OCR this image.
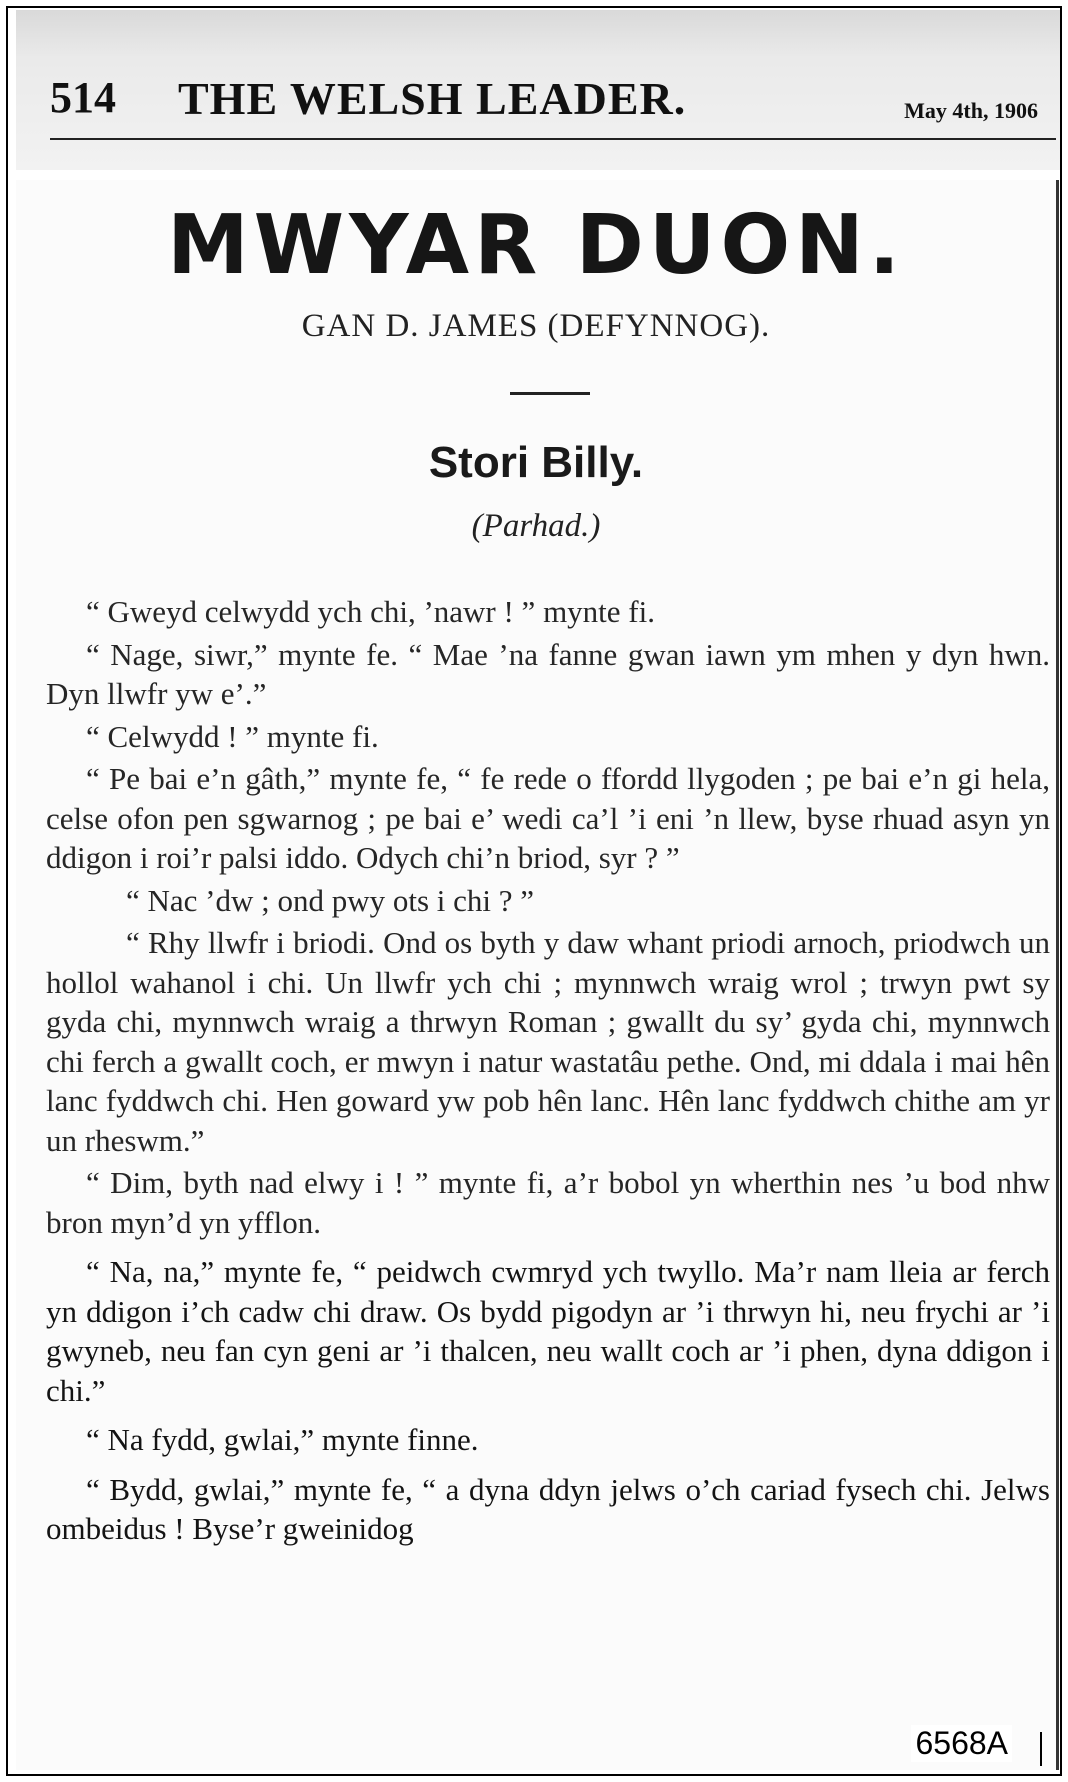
514 THE WELSH LEADER.	May 4th, 1906
MWYAR DUON.
GAN D. JAMES (DEFYNNOG).
Stori Billy.
(Parhad.)

“ Gweyd celwydd ych chi, ’nawr ! ” mynte fi.

“ Nage, siwr,” mynte fe. “ Mae ’na fanne gwan iawn ym mhen y dyn hwn. Dyn llwfr yw e’.”

“ Celwydd ! ” mynte fi.

“ Pe bai e’n gâth,” mynte fe, “ fe rede o ffordd llygoden ; pe bai e’n gi hela, celse ofon pen sgwarnog ; pe bai e’ wedi ca’l ’i eni ’n llew, byse rhuad asyn yn ddigon i roi’r palsi iddo. Odych chi’n briod, syr ? ”

“ Nac ’dw ; ond pwy ots i chi ? ”

“ Rhy llwfr i briodi. Ond os byth y daw whant priodi arnoch, priodwch un hollol wahanol i chi. Un llwfr ych chi ; mynnwch wraig wrol ; trwyn pwt sy gyda chi, mynnwch wraig a thrwyn Roman ; gwallt du sy’ gyda chi, mynnwch chi ferch a gwallt coch, er mwyn i natur wastatâu pethe. Ond, mi ddala i mai hên lanc fyddwch chi. Hen goward yw pob hên lanc. Hên lanc fyddwch chithe am yr un rheswm.”

“ Dim, byth nad elwy i ! ” mynte fi, a’r bobol yn wherthin nes ’u bod nhw bron myn’d yn yfflon.

“ Na, na,” mynte fe, “ peidwch cwmryd ych twyllo. Ma’r nam lleia ar ferch yn ddigon i’ch cadw chi draw. Os bydd pigodyn ar ’i thrwyn hi, neu frychi ar ’i gwyneb, neu fan cyn geni ar ’i thalcen, neu wallt coch ar ’i phen, dyna ddigon i chi.”

“ Na fydd, gwlai,” mynte finne.

“ Bydd, gwlai,” mynte fe, “ a dyna ddyn jelws o’ch cariad fysech chi. Jelws ombeidus ! Byse’r gweinidog

6568A
